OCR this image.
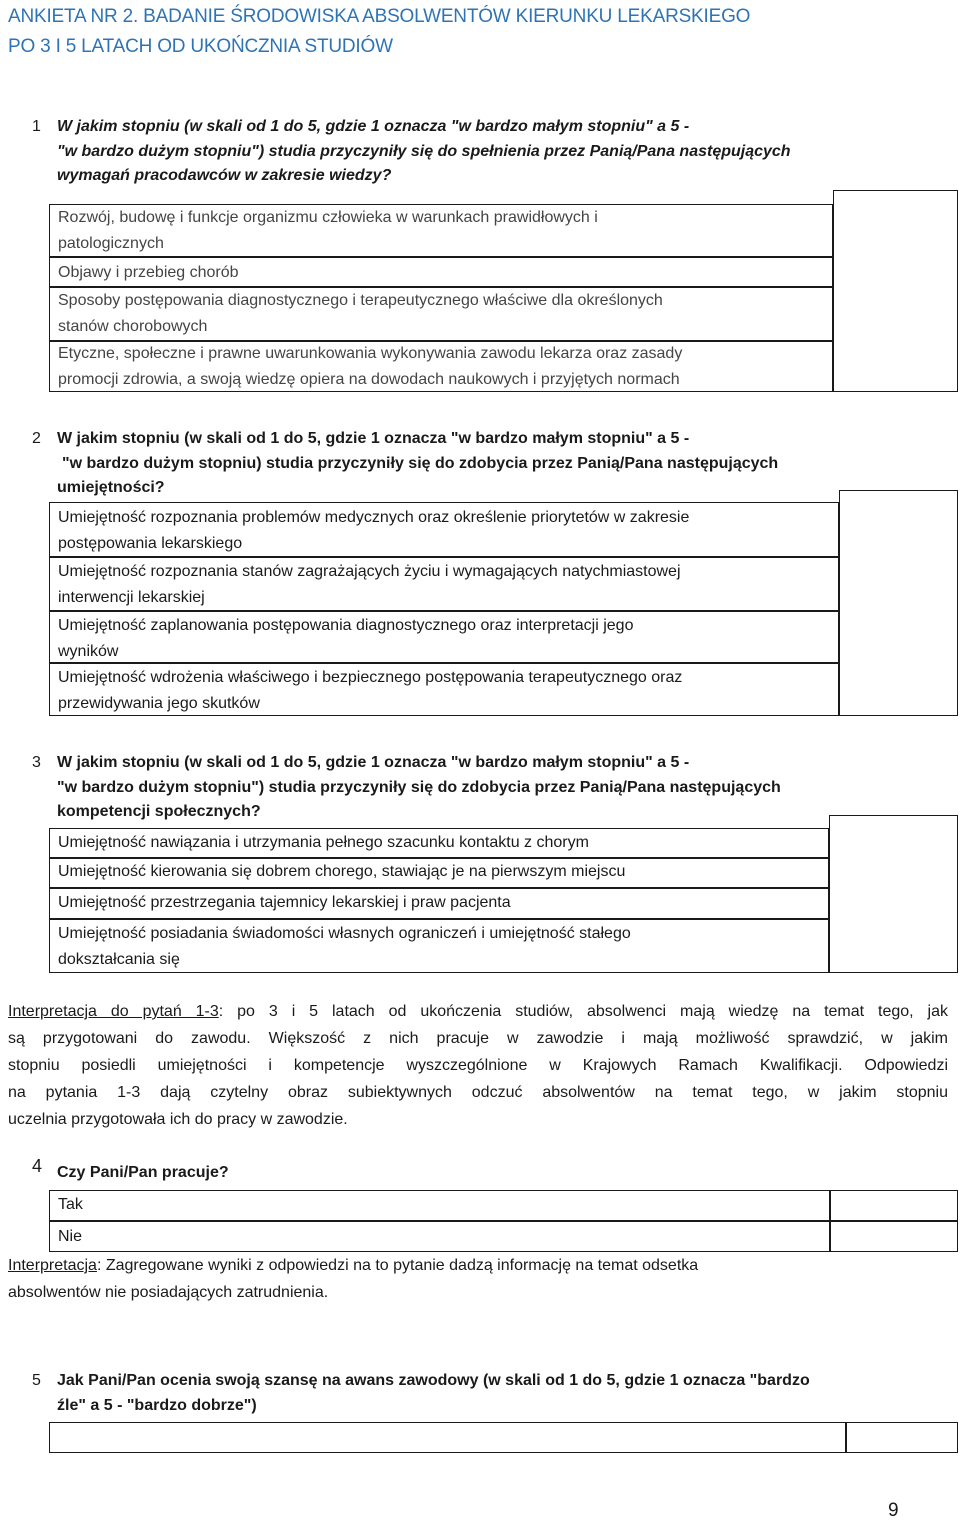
ANKIETA NR 2. BADANIE ŚRODOWISKA ABSOLWENTÓW KIERUNKU LEKARSKIEGO
PO 3 I 5 LATACH OD UKOŃCZNIA STUDIÓW
1 W jakim stopniu (w skali od 1 do 5, gdzie 1 oznacza "w bardzo małym stopniu" a 5 -
"w bardzo dużym stopniu") studia przyczyniły się do spełnienia przez Panią/Pana następujących
wymagań pracodawców w zakresie wiedzy?
Rozwój, budowę i funkcje organizmu człowieka w warunkach prawidłowych i
patologicznych
Objawy i przebieg chorób
Sposoby postępowania diagnostycznego i terapeutycznego właściwe dla określonych
stanów chorobowych
Etyczne, społeczne i prawne uwarunkowania wykonywania zawodu lekarza oraz zasady
promocji zdrowia, a swoją wiedzę opiera na dowodach naukowych i przyjętych normach
2 W jakim stopniu (w skali od 1 do 5, gdzie 1 oznacza "w bardzo małym stopniu" a 5 -
"w bardzo dużym stopniu) studia przyczyniły się do zdobycia przez Panią/Pana następujących
umiejętności?
Umiejętność rozpoznania problemów medycznych oraz określenie priorytetów w zakresie
postępowania lekarskiego
Umiejętność rozpoznania stanów zagrażających życiu i wymagających natychmiastowej
interwencji lekarskiej
Umiejętność zaplanowania postępowania diagnostycznego oraz interpretacji jego
wyników
Umiejętność wdrożenia właściwego i bezpiecznego postępowania terapeutycznego oraz
przewidywania jego skutków
3 W jakim stopniu (w skali od 1 do 5, gdzie 1 oznacza "w bardzo małym stopniu" a 5 -
"w bardzo dużym stopniu") studia przyczyniły się do zdobycia przez Panią/Pana następujących
kompetencji społecznych?
Umiejętność nawiązania i utrzymania pełnego szacunku kontaktu z chorym
Umiejętność kierowania się dobrem chorego, stawiając je na pierwszym miejscu
Umiejętność przestrzegania tajemnicy lekarskiej i praw pacjenta
Umiejętność posiadania świadomości własnych ograniczeń i umiejętność stałego
dokształcania się
Interpretacja do pytań 1-3: po 3 i 5 latach od ukończenia studiów, absolwenci mają wiedzę na temat tego, jak
są przygotowani do zawodu. Większość z nich pracuje w zawodzie i mają możliwość sprawdzić, w jakim
stopniu posiedli umiejętności i kompetencje wyszczególnione w Krajowych Ramach Kwalifikacji. Odpowiedzi
na pytania 1-3 dają czytelny obraz subiektywnych odczuć absolwentów na temat tego, w jakim stopniu
uczelnia przygotowała ich do pracy w zawodzie.
4 Czy Pani/Pan pracuje?
Tak
Nie
Interpretacja: Zagregowane wyniki z odpowiedzi na to pytanie dadzą informację na temat odsetka
absolwentów nie posiadających zatrudnienia.
5 Jak Pani/Pan ocenia swoją szansę na awans zawodowy (w skali od 1 do 5, gdzie 1 oznacza "bardzo
źle" a 5 - "bardzo dobrze")
9
